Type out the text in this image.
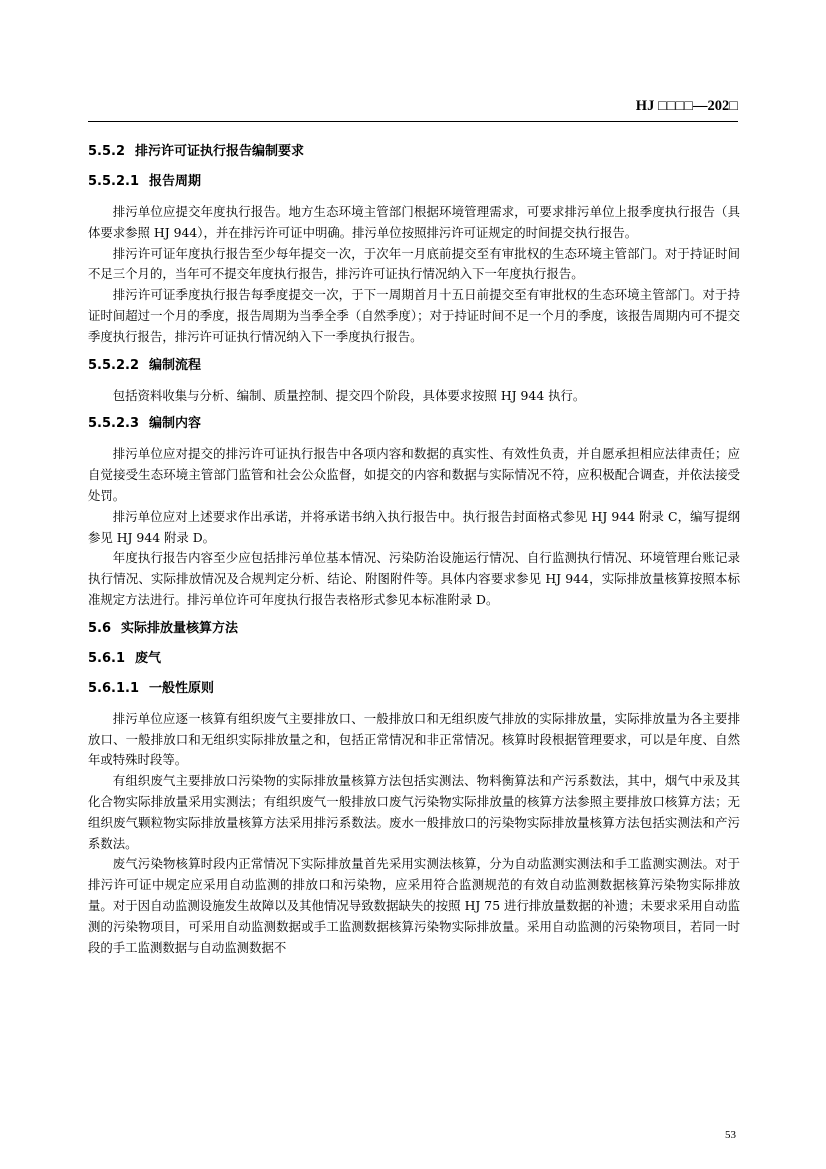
HJ □□□□—202□
5.5.2 排污许可证执行报告编制要求
5.5.2.1 报告周期

排污单位应提交年度执行报告。地方生态环境主管部门根据环境管理需求，可要求排污单位上报季度执行报告（具体要求参照 HJ 944），并在排污许可证中明确。排污单位按照排污许可证规定的时间提交执行报告。

排污许可证年度执行报告至少每年提交一次，于次年一月底前提交至有审批权的生态环境主管部门。对于持证时间不足三个月的，当年可不提交年度执行报告，排污许可证执行情况纳入下一年度执行报告。

排污许可证季度执行报告每季度提交一次，于下一周期首月十五日前提交至有审批权的生态环境主管部门。对于持证时间超过一个月的季度，报告周期为当季全季（自然季度）；对于持证时间不足一个月的季度，该报告周期内可不提交季度执行报告，排污许可证执行情况纳入下一季度执行报告。

5.5.2.2 编制流程

包括资料收集与分析、编制、质量控制、提交四个阶段，具体要求按照 HJ 944 执行。

5.5.2.3 编制内容

排污单位应对提交的排污许可证执行报告中各项内容和数据的真实性、有效性负责，并自愿承担相应法律责任；应自觉接受生态环境主管部门监管和社会公众监督，如提交的内容和数据与实际情况不符，应积极配合调查，并依法接受处罚。

排污单位应对上述要求作出承诺，并将承诺书纳入执行报告中。执行报告封面格式参见 HJ 944 附录 C，编写提纲参见 HJ 944 附录 D。

年度执行报告内容至少应包括排污单位基本情况、污染防治设施运行情况、自行监测执行情况、环境管理台账记录执行情况、实际排放情况及合规判定分析、结论、附图附件等。具体内容要求参见 HJ 944，实际排放量核算按照本标准规定方法进行。排污单位许可年度执行报告表格形式参见本标准附录 D。

5.6 实际排放量核算方法
5.6.1 废气
5.6.1.1 一般性原则

排污单位应逐一核算有组织废气主要排放口、一般排放口和无组织废气排放的实际排放量，实际排放量为各主要排放口、一般排放口和无组织实际排放量之和，包括正常情况和非正常情况。核算时段根据管理要求，可以是年度、自然年或特殊时段等。

有组织废气主要排放口污染物的实际排放量核算方法包括实测法、物料衡算法和产污系数法，其中，烟气中汞及其化合物实际排放量采用实测法；有组织废气一般排放口废气污染物实际排放量的核算方法参照主要排放口核算方法；无组织废气颗粒物实际排放量核算方法采用排污系数法。废水一般排放口的污染物实际排放量核算方法包括实测法和产污系数法。

废气污染物核算时段内正常情况下实际排放量首先采用实测法核算，分为自动监测实测法和手工监测实测法。对于排污许可证中规定应采用自动监测的排放口和污染物，应采用符合监测规范的有效自动监测数据核算污染物实际排放量。对于因自动监测设施发生故障以及其他情况导致数据缺失的按照 HJ 75 进行排放量数据的补遗；未要求采用自动监测的污染物项目，可采用自动监测数据或手工监测数据核算污染物实际排放量。采用自动监测的污染物项目，若同一时段的手工监测数据与自动监测数据不

53
